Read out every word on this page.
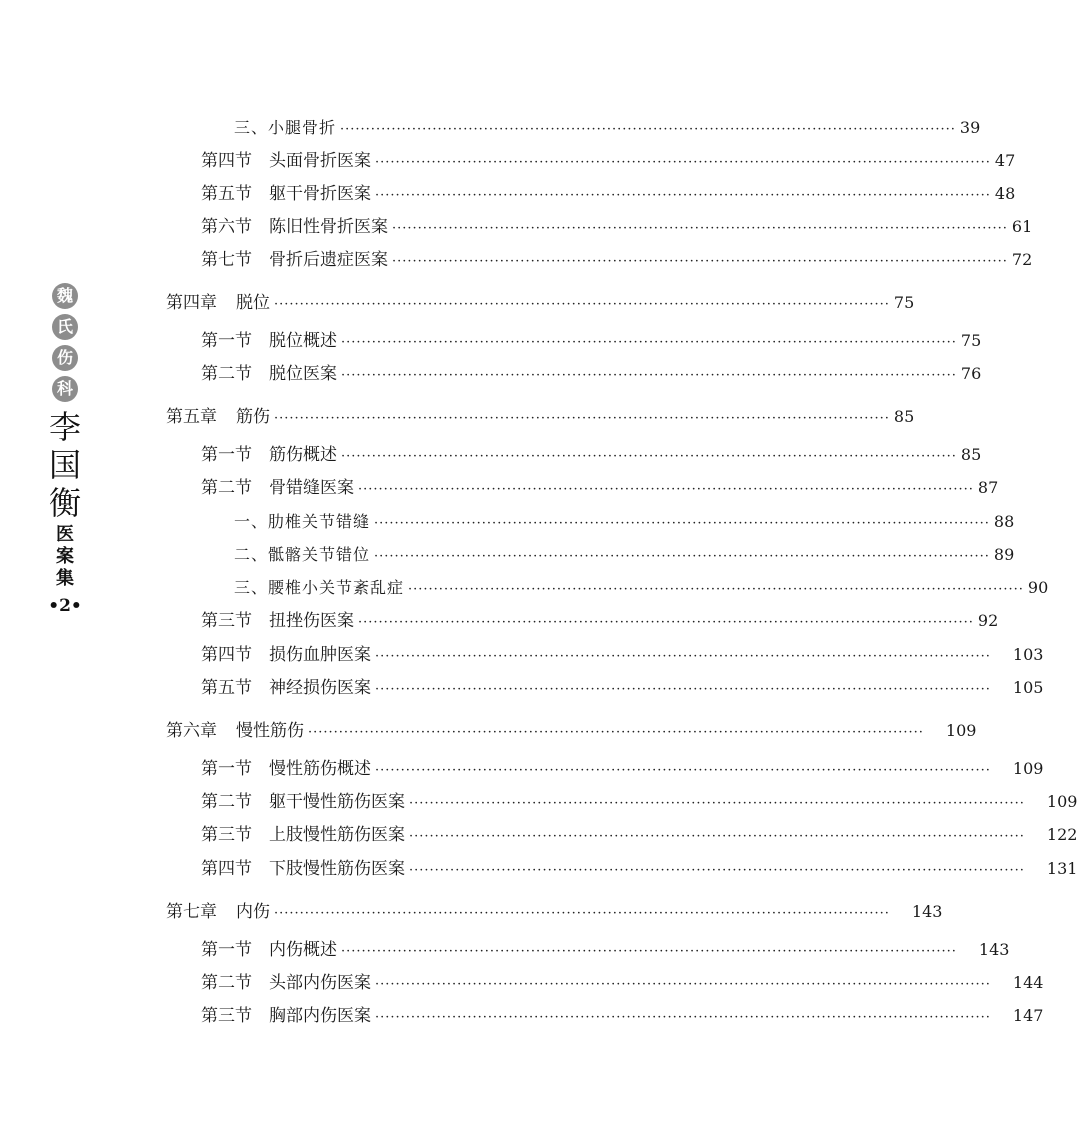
魏
氏
伤
科
李
国
衡
医
案
集
•2•
三、小腿骨折 ························································································································ 39
第四节	头面骨折医案 ························································································································ 47
第五节	躯干骨折医案 ························································································································ 48
第六节	陈旧性骨折医案 ························································································································ 61
第七节	骨折后遗症医案 ························································································································ 72
第四章	脱位 ························································································································ 75
第一节	脱位概述 ························································································································ 75
第二节	脱位医案 ························································································································ 76
第五章	筋伤 ························································································································ 85
第一节	筋伤概述 ························································································································ 85
第二节	骨错缝医案 ························································································································ 87
一、肋椎关节错缝 ························································································································ 88
二、骶髂关节错位 ························································································································ 89
三、腰椎小关节紊乱症 ························································································································ 90
第三节	扭挫伤医案 ························································································································ 92
第四节	损伤血肿医案 ························································································································ 103
第五节	神经损伤医案 ························································································································ 105
第六章	慢性筋伤 ························································································································ 109
第一节	慢性筋伤概述 ························································································································ 109
第二节	躯干慢性筋伤医案 ························································································································ 109
第三节	上肢慢性筋伤医案 ························································································································ 122
第四节	下肢慢性筋伤医案 ························································································································ 131
第七章	内伤 ························································································································ 143
第一节	内伤概述 ························································································································ 143
第二节	头部内伤医案 ························································································································ 144
第三节	胸部内伤医案 ························································································································ 147
